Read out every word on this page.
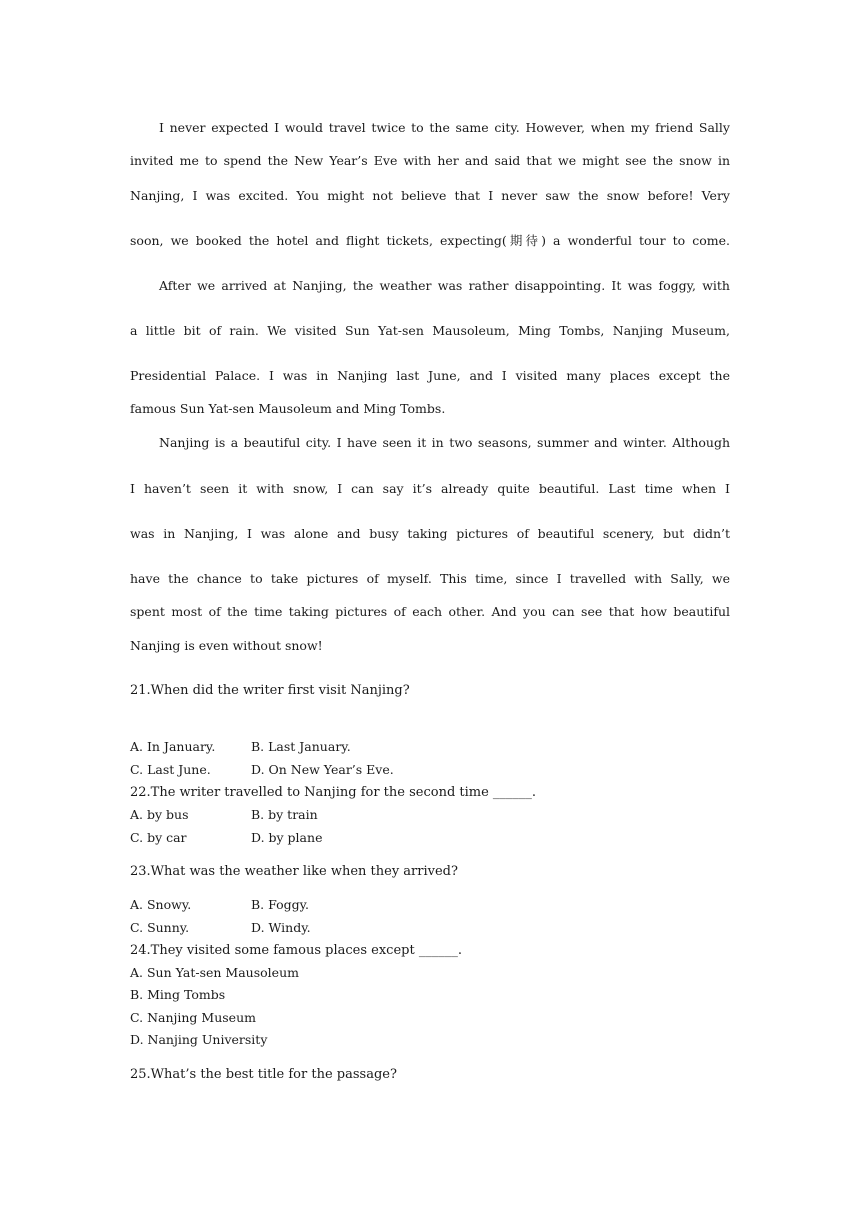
I never expected I would travel twice to the same city. However, when my friend Sally
invited me to spend the New Year’s Eve with her and said that we might see the snow in
Nanjing, I was excited. You might not believe that I never saw the snow before! Very
soon, we booked the hotel and flight tickets, expecting(期待) a wonderful tour to come.
After we arrived at Nanjing, the weather was rather disappointing. It was foggy, with
a little bit of rain. We visited Sun Yat-sen Mausoleum, Ming Tombs, Nanjing Museum,
Presidential Palace. I was in Nanjing last June, and I visited many places except the
famous Sun Yat-sen Mausoleum and Ming Tombs.
Nanjing is a beautiful city. I have seen it in two seasons, summer and winter. Although
I haven’t seen it with snow, I can say it’s already quite beautiful. Last time when I
was in Nanjing, I was alone and busy taking pictures of beautiful scenery, but didn’t
have the chance to take pictures of myself. This time, since I travelled with Sally, we
spent most of the time taking pictures of each other. And you can see that how beautiful
Nanjing is even without snow!
21.When did the writer first visit Nanjing?
A. In January.	B. Last January.
C. Last June.	D. On New Year’s Eve.
22.The writer travelled to Nanjing for the second time ______.
A. by bus	B. by train
C. by car	D. by plane
23.What was the weather like when they arrived?
A. Snowy.	B. Foggy.
C. Sunny.	D. Windy.
24.They visited some famous places except ______.
A. Sun Yat-sen Mausoleum
B. Ming Tombs
C. Nanjing Museum
D. Nanjing University
25.What’s the best title for the passage?
